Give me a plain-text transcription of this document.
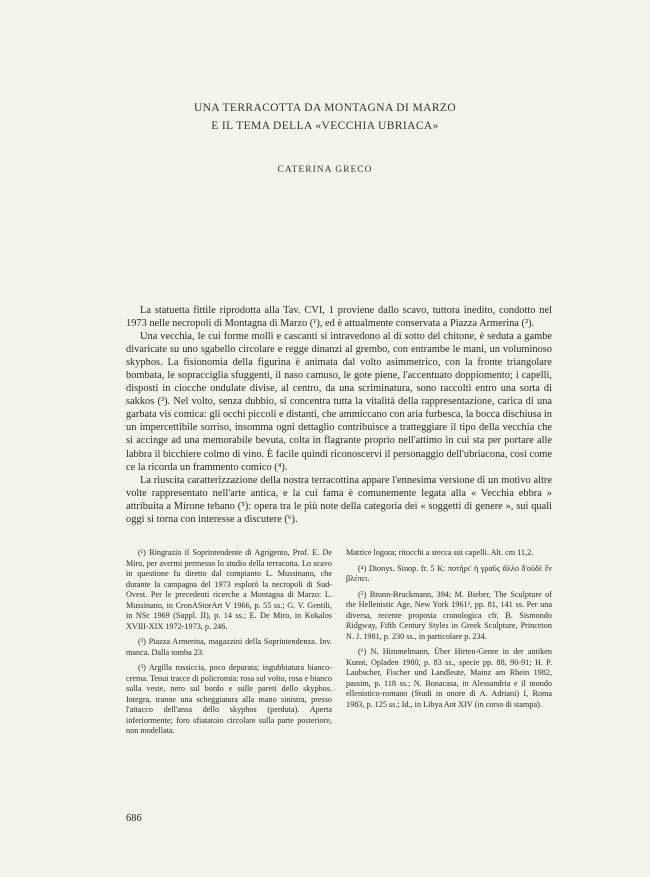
UNA TERRACOTTA DA MONTAGNA DI MARZO
E IL TEMA DELLA «VECCHIA UBRIACA»
CATERINA GRECO

La statuetta fittile riprodotta alla Tav. CVI, 1 proviene dallo scavo, tuttora inedito, condotto nel 1973 nelle necropoli di Montagna di Marzo (¹), ed è attualmente conservata a Piazza Armerina (²).

Una vecchia, le cui forme molli e cascanti si intravedono al di sotto del chitone, è seduta a gambe divaricate su uno sgabello circolare e regge dinanzi al grembo, con entrambe le mani, un voluminoso skyphos. La fisionomia della figurina è animata dal volto asimmetrico, con la fronte triangolare bombata, le sopracciglia sfuggenti, il naso camuso, le gote piene, l'accentuato doppiomento; i capelli, disposti in ciocche ondulate divise, al centro, da una scriminatura, sono raccolti entro una sorta di sakkos (³). Nel volto, senza dubbio, si concentra tutta la vitalità della rappresentazione, carica di una garbata vis comica: gli occhi piccoli e distanti, che ammiccano con aria furbesca, la bocca dischiusa in un impercettibile sorriso, insomma ogni dettaglio contribuisce a tratteggiare il tipo della vecchia che si accinge ad una memorabile bevuta, colta in flagrante proprio nell'attimo in cui sta per portare alle labbra il bicchiere colmo di vino. È facile quindi riconoscervi il personaggio dell'ubriacona, così come ce la ricorda un frammento comico (⁴).

La riuscita caratterizzazione della nostra terracottina appare l'ennesima versione di un motivo altre volte rappresentato nell'arte antica, e la cui fama è comunemente legata alla « Vecchia ebbra » attribuita a Mirone tebano (⁵): opera tra le più note della categoria dei « soggetti di genere », sui quali oggi si torna con interesse a discutere (⁶).

(¹) Ringrazio il Soprintendente di Agrigento, Prof. E. De Miro, per avermi permesso lo studio della terracotta. Lo scavo in questione fu diretto dal compianto L. Mussinano, che durante la campagna del 1973 esplorò la necropoli di Sud-Ovest. Per le precedenti ricerche a Montagna di Marzo: L. Mussinano, in CronAStorArt V 1966, p. 55 ss.; G. V. Gentili, in NSc 1969 (Suppl. II), p. 14 ss.; E. De Miro, in Kokalos XVIII-XIX 1972-1973, p. 246.

(²) Piazza Armerina, magazzini della Soprintendenza. Inv. manca. Dalla tomba 23.

(³) Argilla rossiccia, poco depurata; ingubbiatura bianco-crema. Tenui tracce di policromia: rosa sul volto, rosa e bianco sulla veste, nero sul bordo e sulle pareti dello skyphos. Integra, tranne una scheggiatura alla mano sinistra, presso l'attacco dell'ansa dello skyphos (perduta). Aperta inferiormente; foro sfiatatoio circolare sulla parte posteriore, non modellata.

Matrice logora; ritocchi a stecca sui capelli. Alt. cm 11,2.

(⁴) Dionys. Sinop. fr. 5 K: ποτήρι' ἡ γραῦς ἄλλο δ'οὐδὲ ἓν βλέπει.

(⁵) Brunn-Bruckmann, 394; M. Bieber, The Sculpture of the Hellenistic Age, New York 1961², pp. 81, 141 ss. Per una diversa, recente proposta cronologica cfr. B. Sismondo Ridgway, Fifth Century Styles in Greek Sculpture, Princeton N. J. 1981, p. 230 ss., in particolare p. 234.

(⁶) N. Himmelmann, Über Hirten-Genre in der antiken Kunst, Opladen 1980, p. 83 ss., specie pp. 88, 90-91; H. P. Laubscher, Fischer und Landleute, Mainz am Rhein 1982, passim, p. 118 ss.; N. Bonacasa, in Alessandria e il mondo ellenistico-romano (Studi in onore di A. Adriani) I, Roma 1983, p. 125 ss.; Id., in Libya Ant XIV (in corso di stampa).

686
